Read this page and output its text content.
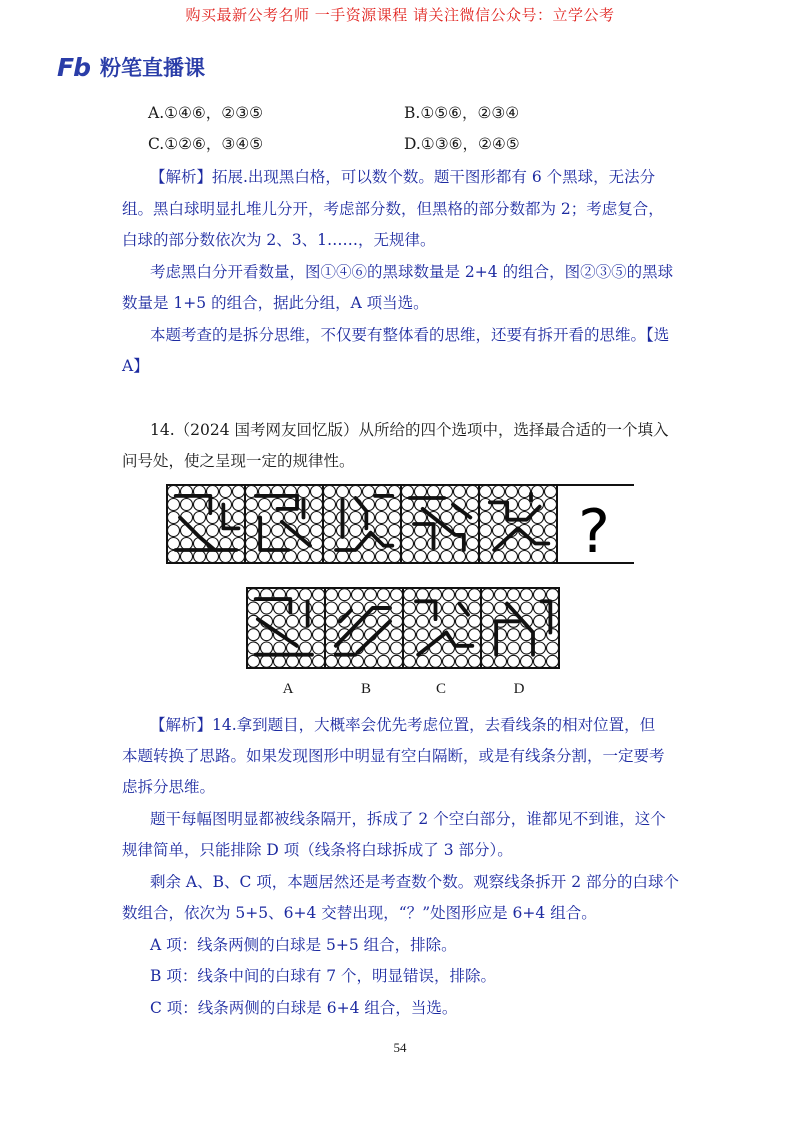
购买最新公考名师 一手资源课程 请关注微信公众号：立学公考
Fb 粉笔直播课
A.①④⑥，②③⑤	B.①⑤⑥，②③④
C.①②⑥，③④⑤	D.①③⑥，②④⑤
【解析】拓展.出现黑白格，可以数个数。题干图形都有 6 个黑球，无法分
组。黑白球明显扎堆儿分开，考虑部分数，但黑格的部分数都为 2；考虑复合，
白球的部分数依次为 2、3、1……，无规律。
考虑黑白分开看数量，图①④⑥的黑球数量是 2+4 的组合，图②③⑤的黑球
数量是 1+5 的组合，据此分组，A 项当选。
本题考查的是拆分思维，不仅要有整体看的思维，还要有拆开看的思维。【选
A】
14.（2024 国考网友回忆版）从所给的四个选项中，选择最合适的一个填入
问号处，使之呈现一定的规律性。
?
A	B	C	D
【解析】14.拿到题目，大概率会优先考虑位置，去看线条的相对位置，但
本题转换了思路。如果发现图形中明显有空白隔断，或是有线条分割，一定要考
虑拆分思维。
题干每幅图明显都被线条隔开，拆成了 2 个空白部分，谁都见不到谁，这个
规律简单，只能排除 D 项（线条将白球拆成了 3 部分）。
剩余 A、B、C 项，本题居然还是考查数个数。观察线条拆开 2 部分的白球个
数组合，依次为 5+5、6+4 交替出现，“？”处图形应是 6+4 组合。
A 项：线条两侧的白球是 5+5 组合，排除。
B 项：线条中间的白球有 7 个，明显错误，排除。
C 项：线条两侧的白球是 6+4 组合，当选。
54
